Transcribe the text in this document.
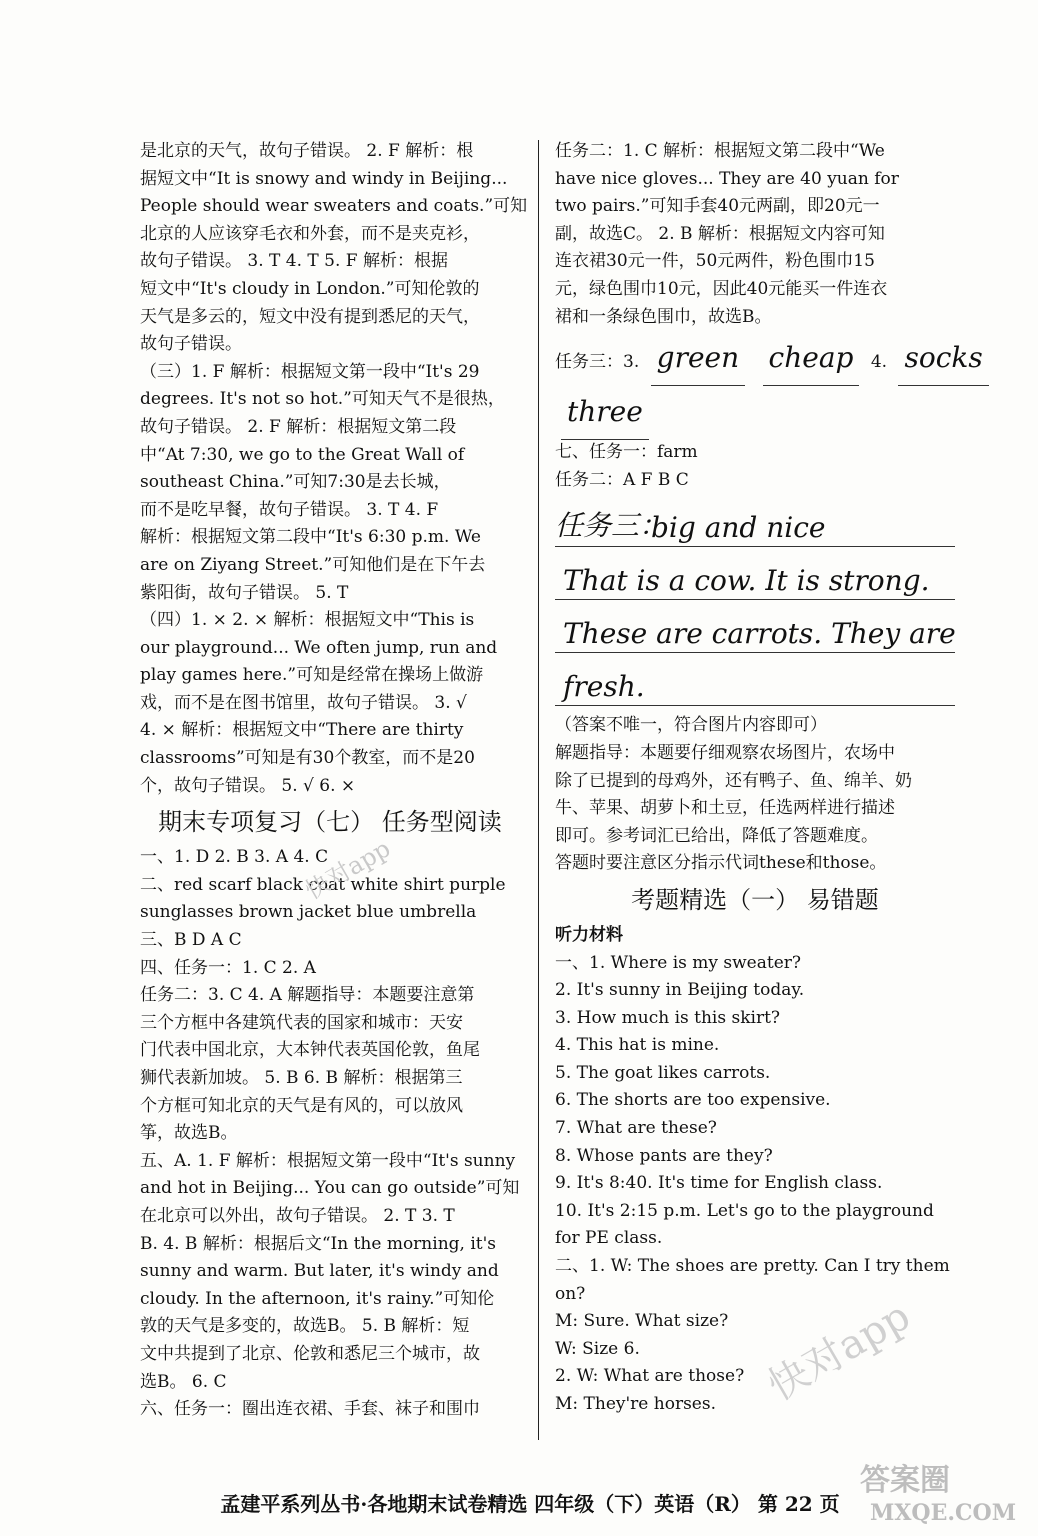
是北京的天气，故句子错误。 2. F 解析：根
据短文中“It is snowy and windy in Beijing...
People should wear sweaters and coats.”可知
北京的人应该穿毛衣和外套，而不是夹克衫，
故句子错误。 3. T 4. T 5. F 解析：根据
短文中“It's cloudy in London.”可知伦敦的
天气是多云的，短文中没有提到悉尼的天气，
故句子错误。
（三）1. F 解析：根据短文第一段中“It's 29
degrees. It's not so hot.”可知天气不是很热，
故句子错误。 2. F 解析：根据短文第二段
中“At 7:30, we go to the Great Wall of
southeast China.”可知7:30是去长城，
而不是吃早餐，故句子错误。 3. T 4. F
解析：根据短文第二段中“It's 6:30 p.m. We
are on Ziyang Street.”可知他们是在下午去
紫阳街，故句子错误。 5. T
（四）1. × 2. × 解析：根据短文中“This is
our playground... We often jump, run and
play games here.”可知是经常在操场上做游
戏，而不是在图书馆里，故句子错误。 3. √
4. × 解析：根据短文中“There are thirty
classrooms”可知是有30个教室，而不是20
个，故句子错误。 5. √ 6. ×
期末专项复习（七） 任务型阅读
一、1. D 2. B 3. A 4. C
二、red scarf black coat white shirt purple
sunglasses brown jacket blue umbrella
三、B D A C
四、任务一：1. C 2. A
任务二：3. C 4. A 解题指导：本题要注意第
三个方框中各建筑代表的国家和城市：天安
门代表中国北京，大本钟代表英国伦敦，鱼尾
狮代表新加坡。 5. B 6. B 解析：根据第三
个方框可知北京的天气是有风的，可以放风
筝，故选B。
五、A. 1. F 解析：根据短文第一段中“It's sunny
and hot in Beijing... You can go outside”可知
在北京可以外出，故句子错误。 2. T 3. T
B. 4. B 解析：根据后文“In the morning, it's
sunny and warm. But later, it's windy and
cloudy. In the afternoon, it's rainy.”可知伦
敦的天气是多变的，故选B。 5. B 解析：短
文中共提到了北京、伦敦和悉尼三个城市，故
选B。 6. C
六、任务一：圈出连衣裙、手套、袜子和围巾
任务二：1. C 解析：根据短文第二段中“We
have nice gloves... They are 40 yuan for
two pairs.”可知手套40元两副，即20元一
副，故选C。 2. B 解析：根据短文内容可知
连衣裙30元一件，50元两件，粉色围巾15
元，绿色围巾10元，因此40元能买一件连衣
裙和一条绿色围巾，故选B。
任务三：3. green cheap 4. socks
three
七、任务一：farm
任务二：A F B C
任务三：
big and nice
That is a cow. It is strong.
These are carrots. They are
fresh.
（答案不唯一，符合图片内容即可）
解题指导：本题要仔细观察农场图片，农场中
除了已提到的母鸡外，还有鸭子、鱼、绵羊、奶
牛、苹果、胡萝卜和土豆，任选两样进行描述
即可。参考词汇已给出，降低了答题难度。
答题时要注意区分指示代词these和those。
考题精选（一） 易错题
听力材料
一、1. Where is my sweater?
2. It's sunny in Beijing today.
3. How much is this skirt?
4. This hat is mine.
5. The goat likes carrots.
6. The shorts are too expensive.
7. What are these?
8. Whose pants are they?
9. It's 8:40. It's time for English class.
10. It's 2:15 p.m. Let's go to the playground
for PE class.
二、1. W: The shoes are pretty. Can I try them
on?
M: Sure. What size?
W: Size 6.
2. W: What are those?
M: They're horses.
孟建平系列丛书·各地期末试卷精选 四年级（下）英语（R） 第 22 页
快对app
快对app
答案圈
MXQE.COM
